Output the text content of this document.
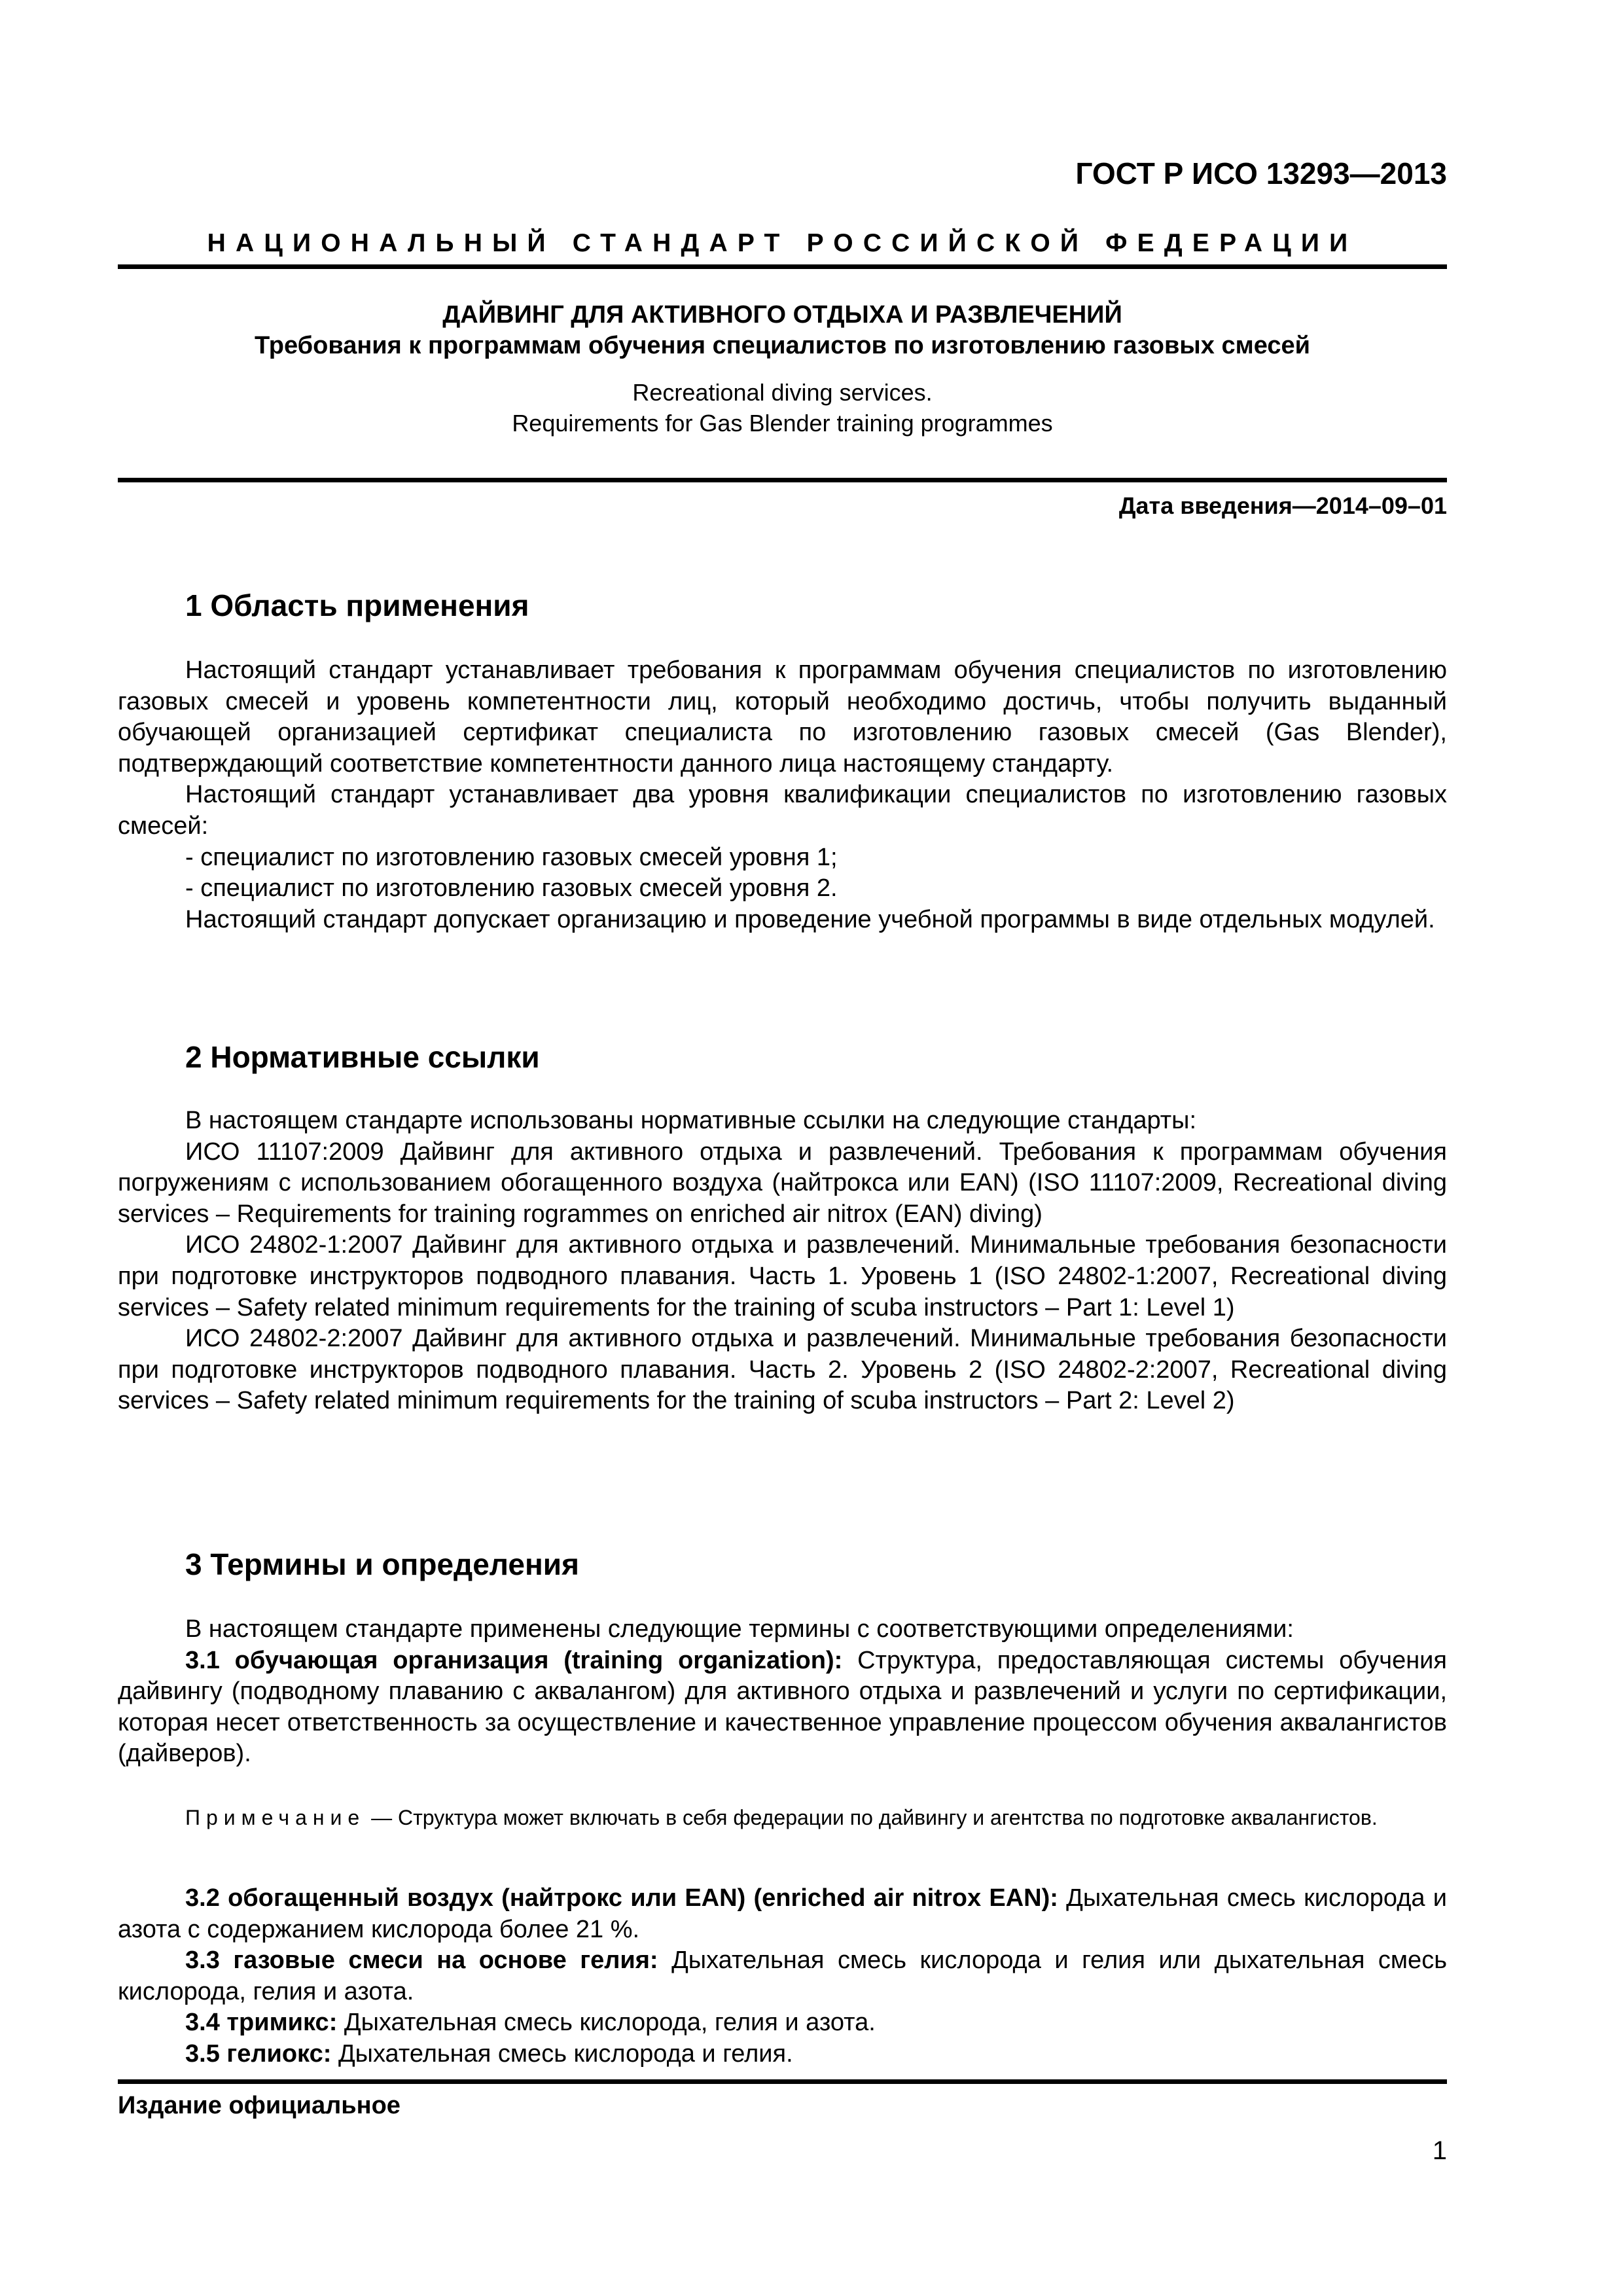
ГОСТ Р ИСО 13293—2013
НАЦИОНАЛЬНЫЙ СТАНДАРТ РОССИЙСКОЙ ФЕДЕРАЦИИ
ДАЙВИНГ ДЛЯ АКТИВНОГО ОТДЫХА И РАЗВЛЕЧЕНИЙ
Требования к программам обучения специалистов по изготовлению газовых смесей
Recreational diving services.
Requirements for Gas Blender training programmes
Дата введения—2014–09–01
1 Область применения

Настоящий стандарт устанавливает требования к программам обучения специалистов по изготовлению газовых смесей и уровень компетентности лиц, который необходимо достичь, чтобы получить выданный обучающей организацией сертификат специалиста по изготовлению газовых смесей (Gas Blender), подтверждающий соответствие компетентности данного лица настоящему стандарту.

Настоящий стандарт устанавливает два уровня квалификации специалистов по изготовлению газовых смесей:

- специалист по изготовлению газовых смесей уровня 1;

- специалист по изготовлению газовых смесей уровня 2.

Настоящий стандарт допускает организацию и проведение учебной программы в виде отдельных модулей.

2 Нормативные ссылки

В настоящем стандарте использованы нормативные ссылки на следующие стандарты:

ИСО 11107:2009 Дайвинг для активного отдыха и развлечений. Требования к программам обучения погружениям с использованием обогащенного воздуха (найтрокса или EAN) (ISO 11107:2009, Recreational diving services – Requirements for training rogrammes on enriched air nitrox (EAN) diving)

ИСО 24802-1:2007 Дайвинг для активного отдыха и развлечений. Минимальные требования безопасности при подготовке инструкторов подводного плавания. Часть 1. Уровень 1 (ISO 24802-1:2007, Recreational diving services – Safety related minimum requirements for the training of scuba instructors – Part 1: Level 1)

ИСО 24802-2:2007 Дайвинг для активного отдыха и развлечений. Минимальные требования безопасности при подготовке инструкторов подводного плавания. Часть 2. Уровень 2 (ISO 24802-2:2007, Recreational diving services – Safety related minimum requirements for the training of scuba instructors – Part 2: Level 2)

3 Термины и определения

В настоящем стандарте применены следующие термины с соответствующими определениями:

3.1 обучающая организация (training organization): Структура, предоставляющая системы обучения дайвингу (подводному плаванию с аквалангом) для активного отдыха и развлечений и услуги по сертификации, которая несет ответственность за осуществление и качественное управление процессом обучения аквалангистов (дайверов).

Примечание — Структура может включать в себя федерации по дайвингу и агентства по подготовке аквалангистов.

3.2 обогащенный воздух (найтрокс или EAN) (enriched air nitrox EAN): Дыхательная смесь кислорода и азота с содержанием кислорода более 21 %.

3.3 газовые смеси на основе гелия: Дыхательная смесь кислорода и гелия или дыхательная смесь кислорода, гелия и азота.

3.4 тримикс: Дыхательная смесь кислорода, гелия и азота.

3.5 гелиокс: Дыхательная смесь кислорода и гелия.

Издание официальное
1
